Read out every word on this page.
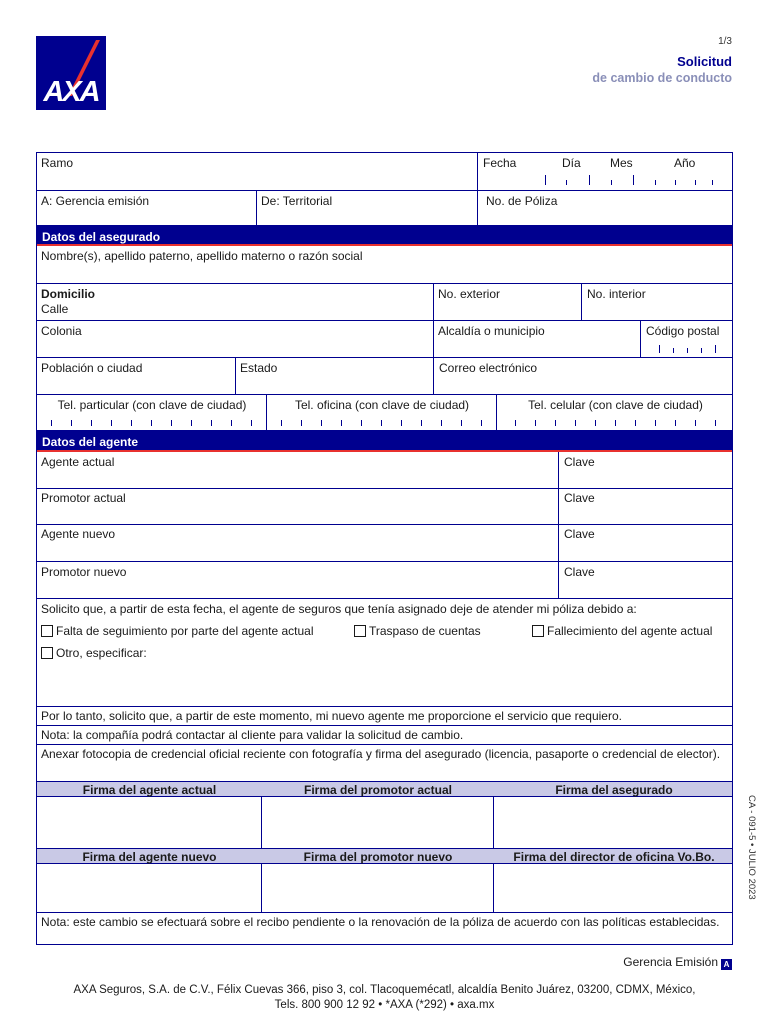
AXA
1/3
Solicitud
de cambio de conducto
Ramo	Fecha	Día Mes	Año
A: Gerencia emisión	De: Territorial	No. de Póliza
Datos del asegurado
Nombre(s), apellido paterno, apellido materno o razón social
Domicilio
Calle
No. exterior	No. interior
Colonia	Alcaldía o municipio	Código postal
Población o ciudad	Estado	Correo electrónico
Tel. particular (con clave de ciudad)	Tel. oficina (con clave de ciudad)	Tel. celular (con clave de ciudad)
Datos del agente
Agente actual	Clave
Promotor actual	Clave
Agente nuevo	Clave
Promotor nuevo	Clave
Solicito que, a partir de esta fecha, el agente de seguros que tenía asignado deje de atender mi póliza debido a:
Falta de seguimiento por parte del agente actual	Traspaso de cuentas	Fallecimiento del agente actual
Otro, especificar:
Por lo tanto, solicito que, a partir de este momento, mi nuevo agente me proporcione el servicio que requiero.
Nota: la compañía podrá contactar al cliente para validar la solicitud de cambio.
Anexar fotocopia de credencial oficial reciente con fotografía y firma del asegurado (licencia, pasaporte o credencial de elector).
Firma del agente actual	Firma del promotor actual	Firma del asegurado
Firma del agente nuevo	Firma del promotor nuevo	Firma del director de oficina Vo.Bo.
Nota: este cambio se efectuará sobre el recibo pendiente o la renovación de la póliza de acuerdo con las políticas establecidas.
CA - 091-5 • JULIO 2023
Gerencia Emisión A
AXA Seguros, S.A. de C.V., Félix Cuevas 366, piso 3, col. Tlacoquemécatl, alcaldía Benito Juárez, 03200, CDMX, México,
Tels. 800 900 12 92 • *AXA (*292) • axa.mx
